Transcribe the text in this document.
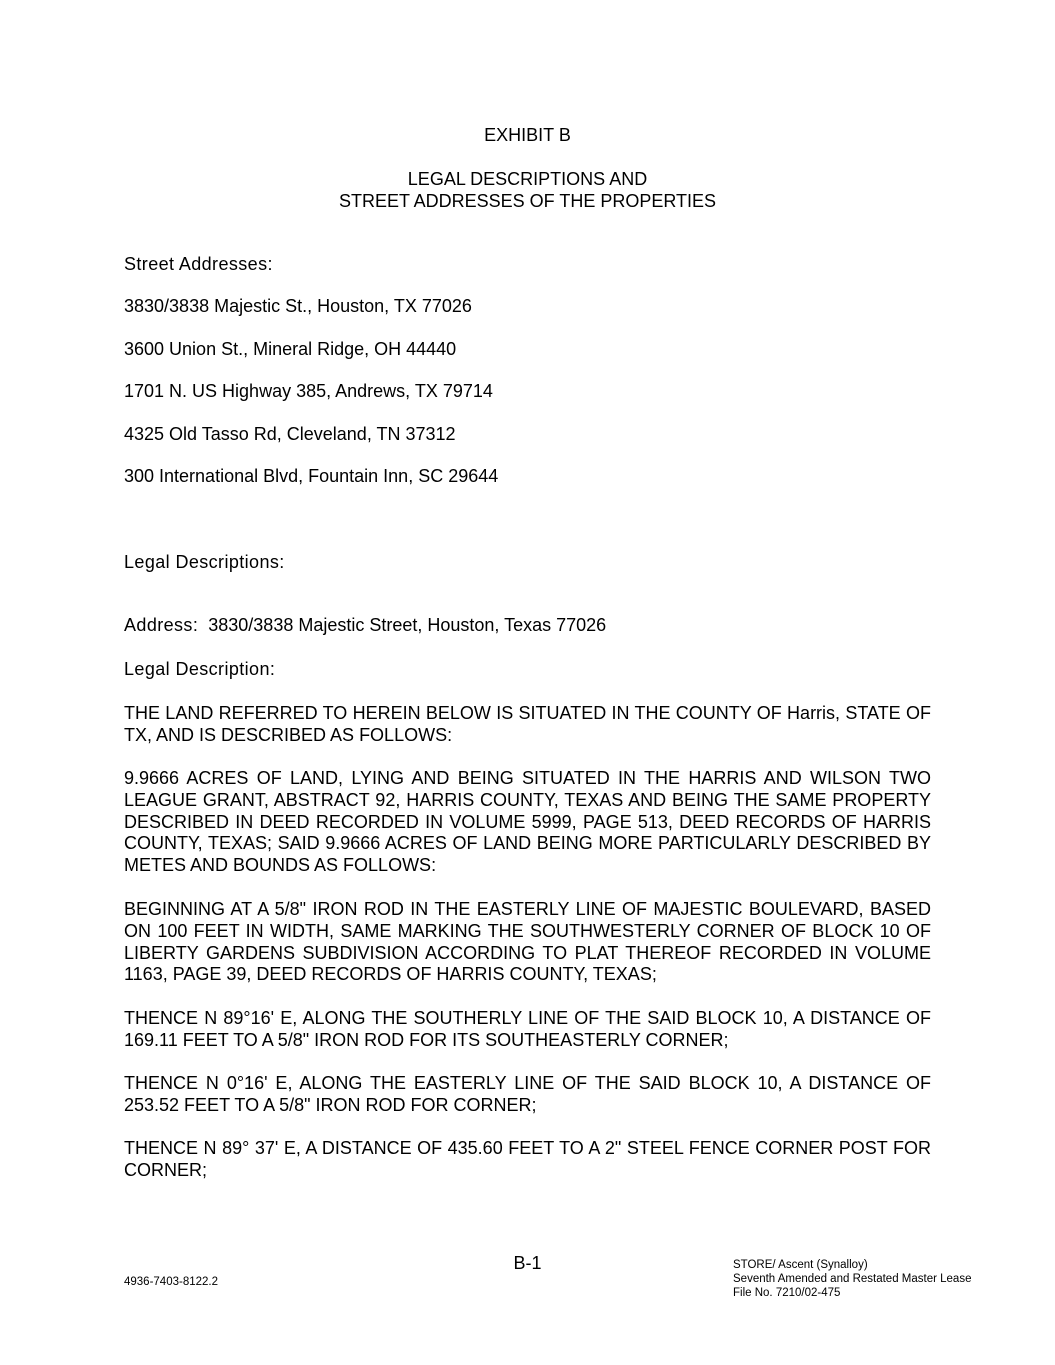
EXHIBIT B
LEGAL DESCRIPTIONS AND
STREET ADDRESSES OF THE PROPERTIES
Street Addresses:
3830/3838 Majestic St., Houston, TX 77026
3600 Union St., Mineral Ridge, OH 44440
1701 N. US Highway 385, Andrews, TX 79714
4325 Old Tasso Rd, Cleveland, TN 37312
300 International Blvd, Fountain Inn, SC 29644
Legal Descriptions:
Address: 3830/3838 Majestic Street, Houston, Texas 77026
Legal Description:
THE LAND REFERRED TO HEREIN BELOW IS SITUATED IN THE COUNTY OF Harris, STATE OF TX, AND IS DESCRIBED AS FOLLOWS:
9.9666 ACRES OF LAND, LYING AND BEING SITUATED IN THE HARRIS AND WILSON TWO LEAGUE GRANT, ABSTRACT 92, HARRIS COUNTY, TEXAS AND BEING THE SAME PROPERTY DESCRIBED IN DEED RECORDED IN VOLUME 5999, PAGE 513, DEED RECORDS OF HARRIS COUNTY, TEXAS; SAID 9.9666 ACRES OF LAND BEING MORE PARTICULARLY DESCRIBED BY METES AND BOUNDS AS FOLLOWS:
BEGINNING AT A 5/8" IRON ROD IN THE EASTERLY LINE OF MAJESTIC BOULEVARD, BASED ON 100 FEET IN WIDTH, SAME MARKING THE SOUTHWESTERLY CORNER OF BLOCK 10 OF LIBERTY GARDENS SUBDIVISION ACCORDING TO PLAT THEREOF RECORDED IN VOLUME 1163, PAGE 39, DEED RECORDS OF HARRIS COUNTY, TEXAS;
THENCE N 89°16' E, ALONG THE SOUTHERLY LINE OF THE SAID BLOCK 10, A DISTANCE OF 169.11 FEET TO A 5/8" IRON ROD FOR ITS SOUTHEASTERLY CORNER;
THENCE N 0°16' E, ALONG THE EASTERLY LINE OF THE SAID BLOCK 10, A DISTANCE OF 253.52 FEET TO A 5/8" IRON ROD FOR CORNER;
THENCE N 89° 37' E, A DISTANCE OF 435.60 FEET TO A 2" STEEL FENCE CORNER POST FOR CORNER;
4936-7403-8122.2
B-1	STORE/ Ascent (Synalloy)
Seventh Amended and Restated Master Lease
File No. 7210/02-475
